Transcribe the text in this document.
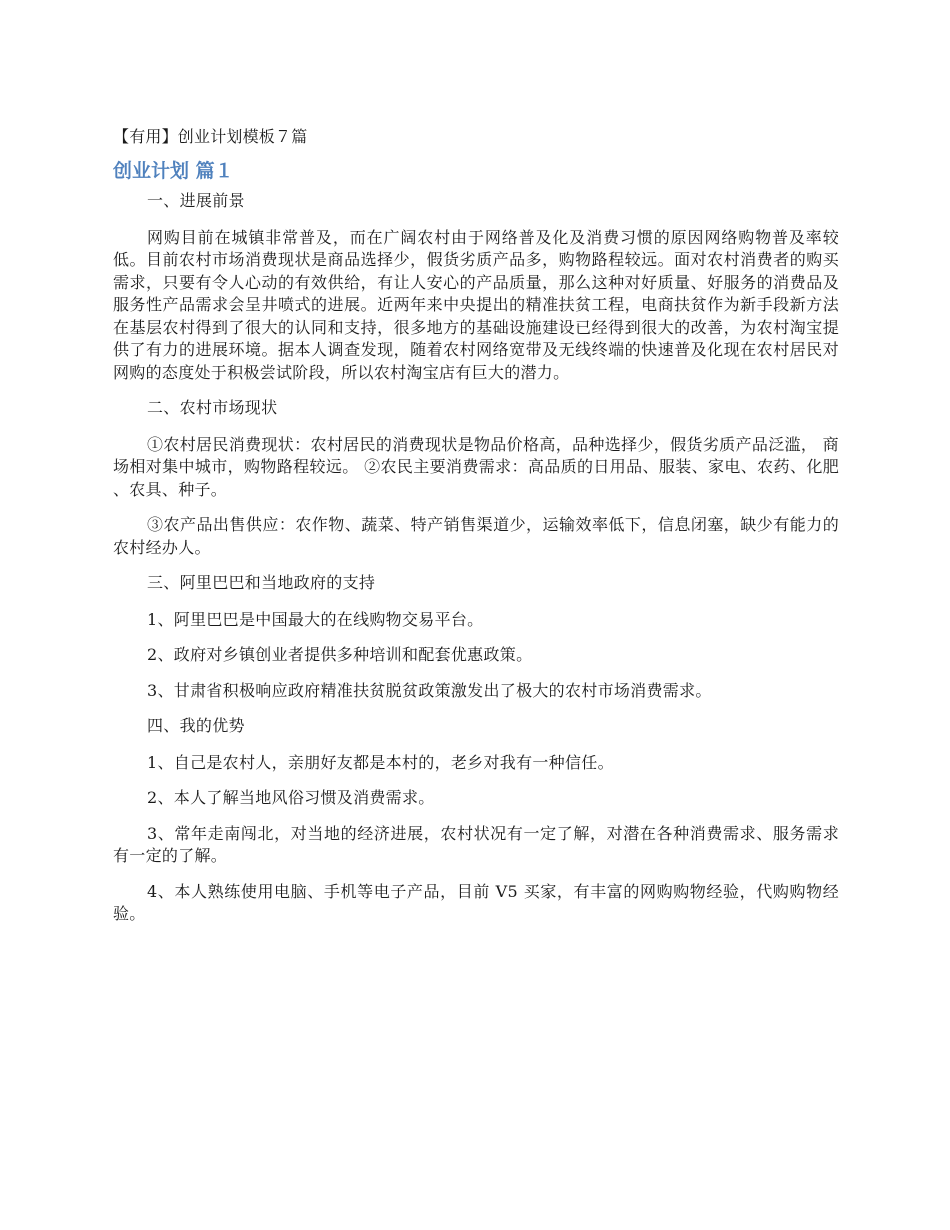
【有用】创业计划模板７篇
创业计划 篇１

一、进展前景

网购目前在城镇非常普及，而在广阔农村由于网络普及化及消费习惯的原因网络购物普及率较低。目前农村市场消费现状是商品选择少，假货劣质产品多，购物路程较远。面对农村消费者的购买需求，只要有令人心动的有效供给，有让人安心的产品质量，那么这种对好质量、好服务的消费品及服务性产品需求会呈井喷式的进展。近两年来中央提出的精准扶贫工程，电商扶贫作为新手段新方法在基层农村得到了很大的认同和支持，很多地方的基础设施建设已经得到很大的改善，为农村淘宝提供了有力的进展环境。据本人调查发现，随着农村网络宽带及无线终端的快速普及化现在农村居民对网购的态度处于积极尝试阶段，所以农村淘宝店有巨大的潜力。

二、农村市场现状

①农村居民消费现状：农村居民的消费现状是物品价格高，品种选择少，假货劣质产品泛滥， 商场相对集中城市，购物路程较远。 ②农民主要消费需求：高品质的日用品、服装、家电、农药、化肥 、农具、种子。

③农产品出售供应：农作物、蔬菜、特产销售渠道少，运输效率低下，信息闭塞，缺少有能力的农村经办人。

三、阿里巴巴和当地政府的支持

1、阿里巴巴是中国最大的在线购物交易平台。

2、政府对乡镇创业者提供多种培训和配套优惠政策。

3、甘肃省积极响应政府精准扶贫脱贫政策激发出了极大的农村市场消费需求。

四、我的优势

1、自己是农村人，亲朋好友都是本村的，老乡对我有一种信任。

2、本人了解当地风俗习惯及消费需求。

3、常年走南闯北，对当地的经济进展，农村状况有一定了解，对潜在各种消费需求、服务需求有一定的了解。

4、本人熟练使用电脑、手机等电子产品，目前 V5 买家，有丰富的网购购物经验，代购购物经验。
